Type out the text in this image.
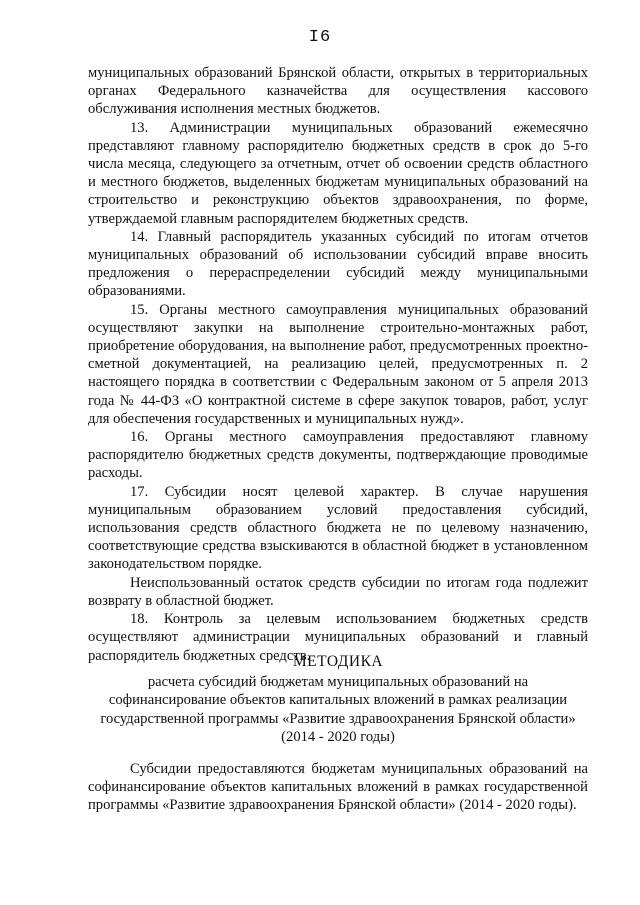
I6

муниципальных образований Брянской области, открытых в территориальных органах Федерального казначейства для осуществления кассового обслуживания исполнения местных бюджетов.

13. Администрации муниципальных образований ежемесячно представляют главному распорядителю бюджетных средств в срок до 5-го числа месяца, следующего за отчетным, отчет об освоении средств областного и местного бюджетов, выделенных бюджетам муниципальных образований на строительство и реконструкцию объектов здравоохранения, по форме, утверждаемой главным распорядителем бюджетных средств.

14. Главный распорядитель указанных субсидий по итогам отчетов муниципальных образований об использовании субсидий вправе вносить предложения о перераспределении субсидий между муниципальными образованиями.

15. Органы местного самоуправления муниципальных образований осуществляют закупки на выполнение строительно-монтажных работ, приобретение оборудования, на выполнение работ, предусмотренных проектно-сметной документацией, на реализацию целей, предусмотренных п. 2 настоящего порядка в соответствии с Федеральным законом от 5 апреля 2013 года № 44-ФЗ «О контрактной системе в сфере закупок товаров, работ, услуг для обеспечения государственных и муниципальных нужд».

16. Органы местного самоуправления предоставляют главному распорядителю бюджетных средств документы, подтверждающие проводимые расходы.

17. Субсидии носят целевой характер. В случае нарушения муниципальным образованием условий предоставления субсидий, использования средств областного бюджета не по целевому назначению, соответствующие средства взыскиваются в областной бюджет в установленном законодательством порядке.

Неиспользованный остаток средств субсидии по итогам года подлежит возврату в областной бюджет.

18. Контроль за целевым использованием бюджетных средств осуществляют администрации муниципальных образований и главный распорядитель бюджетных средств.

МЕТОДИКА

расчета субсидий бюджетам муниципальных образований на софинансирование объектов капитальных вложений в рамках реализации государственной программы «Развитие здравоохранения Брянской области» (2014 - 2020 годы)

Субсидии предоставляются бюджетам муниципальных образований на софинансирование объектов капитальных вложений в рамках государственной программы «Развитие здравоохранения Брянской области» (2014 - 2020 годы).
